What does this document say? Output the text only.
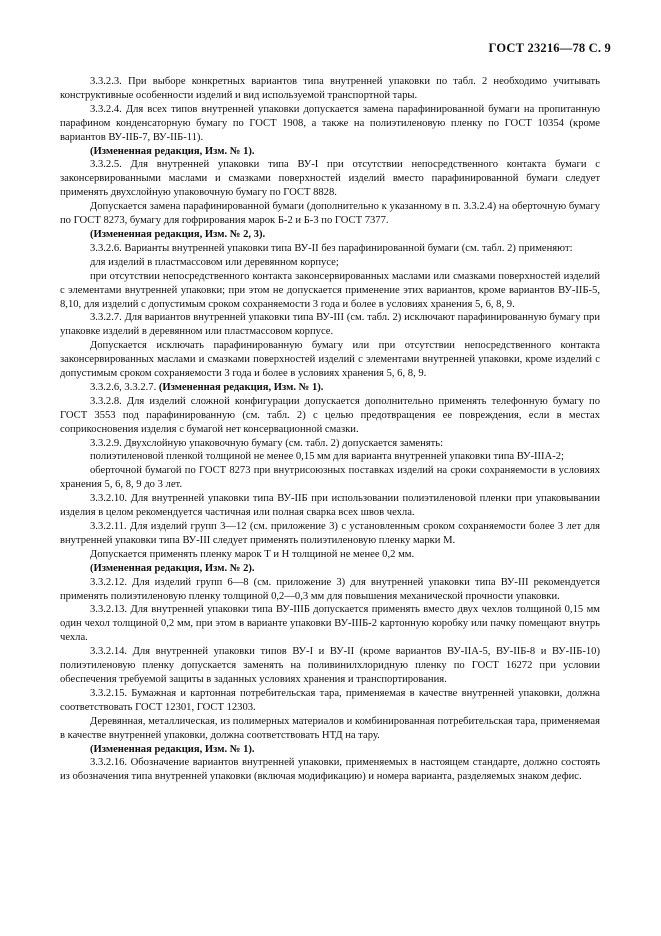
ГОСТ 23216—78 С. 9

3.3.2.3. При выборе конкретных вариантов типа внутренней упаковки по табл. 2 необходимо учитывать конструктивные особенности изделий и вид используемой транспортной тары.

3.3.2.4. Для всех типов внутренней упаковки допускается замена парафинированной бумаги на пропитанную парафином конденсаторную бумагу по ГОСТ 1908, а также на полиэтиленовую пленку по ГОСТ 10354 (кроме вариантов ВУ-IIБ-7, ВУ-IIБ-11).

(Измененная редакция, Изм. № 1).

3.3.2.5. Для внутренней упаковки типа ВУ-I при отсутствии непосредственного контакта бумаги с законсервированными маслами и смазками поверхностей изделий вместо парафинированной бумаги следует применять двухслойную упаковочную бумагу по ГОСТ 8828.

Допускается замена парафинированной бумаги (дополнительно к указанному в п. 3.3.2.4) на оберточную бумагу по ГОСТ 8273, бумагу для гофрирования марок Б-2 и Б-3 по ГОСТ 7377.

(Измененная редакция, Изм. № 2, 3).

3.3.2.6. Варианты внутренней упаковки типа ВУ-II без парафинированной бумаги (см. табл. 2) применяют:

для изделий в пластмассовом или деревянном корпусе;

при отсутствии непосредственного контакта законсервированных маслами или смазками поверхностей изделий с элементами внутренней упаковки; при этом не допускается применение этих вариантов, кроме вариантов ВУ-IIБ-5, 8,10, для изделий с допустимым сроком сохраняемости 3 года и более в условиях хранения 5, 6, 8, 9.

3.3.2.7. Для вариантов внутренней упаковки типа ВУ-III (см. табл. 2) исключают парафинированную бумагу при упаковке изделий в деревянном или пластмассовом корпусе.

Допускается исключать парафинированную бумагу или при отсутствии непосредственного контакта законсервированных маслами и смазками поверхностей изделий с элементами внутренней упаковки, кроме изделий с допустимым сроком сохраняемости 3 года и более в условиях хранения 5, 6, 8, 9.

3.3.2.6, 3.3.2.7. (Измененная редакция, Изм. № 1).

3.3.2.8. Для изделий сложной конфигурации допускается дополнительно применять телефонную бумагу по ГОСТ 3553 под парафинированную (см. табл. 2) с целью предотвращения ее повреждения, если в местах соприкосновения изделия с бумагой нет консервационной смазки.

3.3.2.9. Двухслойную упаковочную бумагу (см. табл. 2) допускается заменять:

полиэтиленовой пленкой толщиной не менее 0,15 мм для варианта внутренней упаковки типа ВУ-IIIА-2;

оберточной бумагой по ГОСТ 8273 при внутрисоюзных поставках изделий на сроки сохраняемости в условиях хранения 5, 6, 8, 9 до 3 лет.

3.3.2.10. Для внутренней упаковки типа ВУ-IIБ при использовании полиэтиленовой пленки при упаковывании изделия в целом рекомендуется частичная или полная сварка всех швов чехла.

3.3.2.11. Для изделий групп 3—12 (см. приложение 3) с установленным сроком сохраняемости более 3 лет для внутренней упаковки типа ВУ-III следует применять полиэтиленовую пленку марки М.

Допускается применять пленку марок Т и Н толщиной не менее 0,2 мм.

(Измененная редакция, Изм. № 2).

3.3.2.12. Для изделий групп 6—8 (см. приложение 3) для внутренней упаковки типа ВУ-III рекомендуется применять полиэтиленовую пленку толщиной 0,2—0,3 мм для повышения механической прочности упаковки.

3.3.2.13. Для внутренней упаковки типа ВУ-IIIБ допускается применять вместо двух чехлов толщиной 0,15 мм один чехол толщиной 0,2 мм, при этом в варианте упаковки ВУ-IIIБ-2 картонную коробку или пачку помещают внутрь чехла.

3.3.2.14. Для внутренней упаковки типов ВУ-I и ВУ-II (кроме вариантов ВУ-IIА-5, ВУ-IIБ-8 и ВУ-IIБ-10) полиэтиленовую пленку допускается заменять на поливинилхлоридную пленку по ГОСТ 16272 при условии обеспечения требуемой защиты в заданных условиях хранения и транспортирования.

3.3.2.15. Бумажная и картонная потребительская тара, применяемая в качестве внутренней упаковки, должна соответствовать ГОСТ 12301, ГОСТ 12303.

Деревянная, металлическая, из полимерных материалов и комбинированная потребительская тара, применяемая в качестве внутренней упаковки, должна соответствовать НТД на тару.

(Измененная редакция, Изм. № 1).

3.3.2.16. Обозначение вариантов внутренней упаковки, применяемых в настоящем стандарте, должно состоять из обозначения типа внутренней упаковки (включая модификацию) и номера варианта, разделяемых знаком дефис.
